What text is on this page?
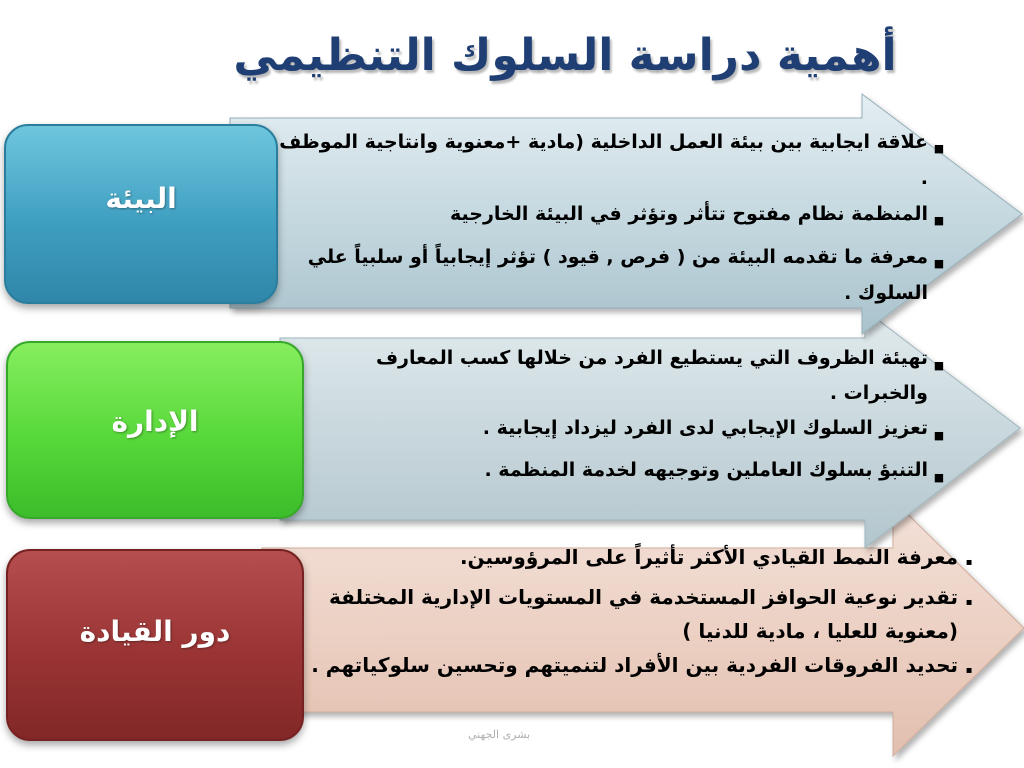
أهمية دراسة السلوك التنظيمي
■
علاقة ايجابية بين بيئة العمل الداخلية (مادية +معنوية وانتاجية الموظف .
■
المنظمة نظام مفتوح تتأثر وتؤثر في البيئة الخارجية
■
معرفة ما تقدمه البيئة من ( فرص , قيود ) تؤثر إيجابياً أو سلبياً علي السلوك .
■
تهيئة الظروف التي يستطيع الفرد من خلالها كسب المعارف والخبرات .
■
تعزيز السلوك الإيجابي لدى الفرد ليزداد إيجابية .
■
التنبؤ بسلوك العاملين وتوجيهه لخدمة المنظمة .
▪
معرفة النمط القيادي الأكثر تأثيراً على المرؤوسين.
▪
تقدير نوعية الحوافز المستخدمة في المستويات الإدارية المختلفة (معنوية للعليا ، مادية للدنيا )
▪
تحديد الفروقات الفردية بين الأفراد لتنميتهم وتحسين سلوكياتهم .
البيئة
الإدارة
دور القيادة
بشرى الجهني
